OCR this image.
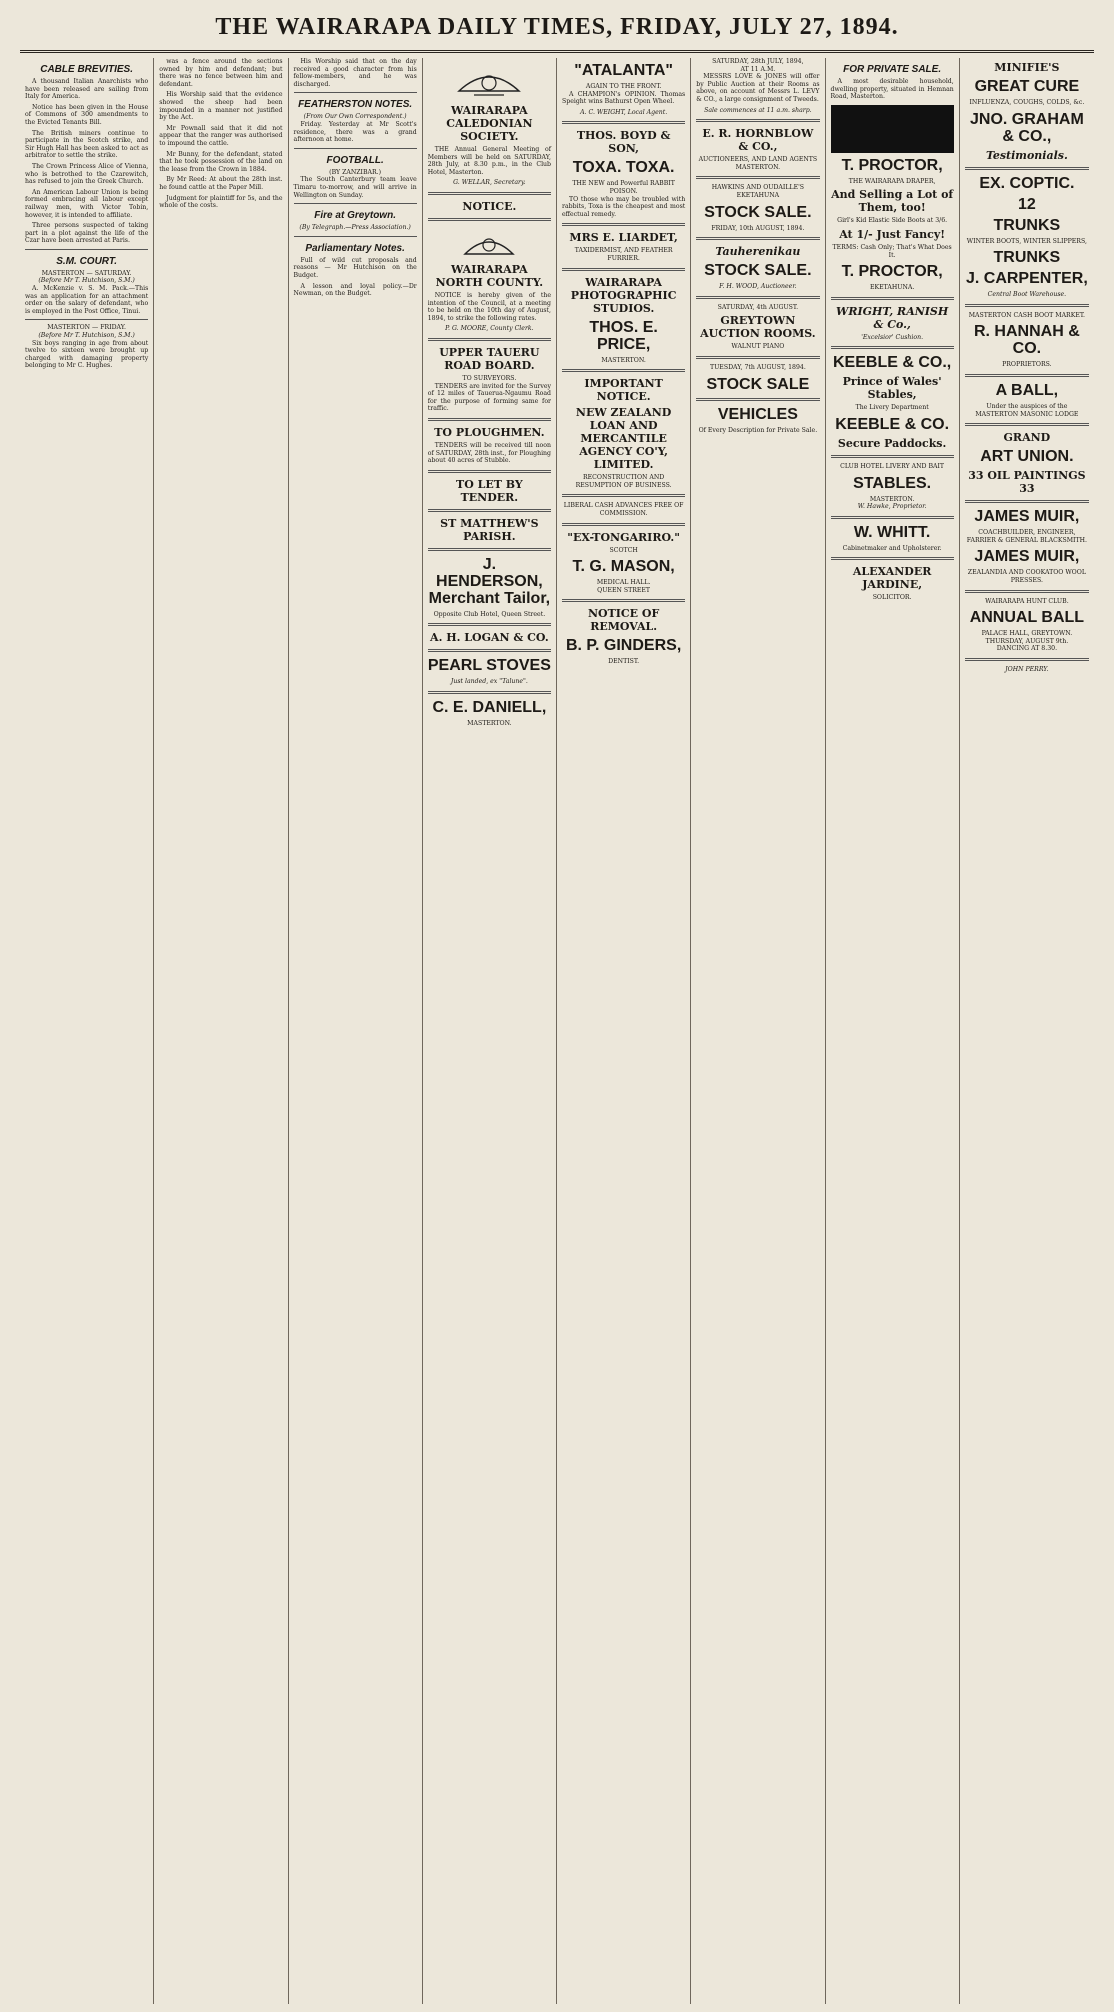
THE WAIRARAPA DAILY TIMES, FRIDAY, JULY 27, 1894.
CABLE BREVITIES.

A thousand Italian Anarchists who have been released are sailing from Italy for America.

Notice has been given in the House of Commons of 300 amendments to the Evicted Tenants Bill.

The British miners continue to participate in the Scotch strike, and Sir Hugh Hall has been asked to act as arbitrator to settle the strike.

The Crown Princess Alice of Vienna, who is betrothed to the Czarewitch, has refused to join the Greek Church.

An American Labour Union is being formed embracing all labour except railway men, with Victor Tobin, however, it is intended to affiliate.

Three persons suspected of taking part in a plot against the life of the Czar have been arrested at Paris.

S.M. COURT.
MASTERTON — SATURDAY.
(Before Mr T. Hutchison, S.M.)

A. McKenzie v. S. M. Pack.—This was an application for an attachment order on the salary of defendant, who is employed in the Post Office, Tinui.

MASTERTON — FRIDAY.
(Before Mr T. Hutchison, S.M.)

Six boys ranging in age from about twelve to sixteen were brought up charged with damaging property belonging to Mr C. Hughes.

was a fence around the sections owned by him and defendant; but there was no fence between him and defendant.

His Worship said that the evidence showed the sheep had been impounded in a manner not justified by the Act.

Mr Pownall said that it did not appear that the ranger was authorised to impound the cattle.

Mr Bunny, for the defendant, stated that he took possession of the land on the lease from the Crown in 1884.

By Mr Reed: At about the 28th inst. he found cattle at the Paper Mill.

Judgment for plaintiff for 5s, and the whole of the costs.

His Worship said that on the day received a good character from his fellow-members, and he was discharged.

FEATHERSTON NOTES.
(From Our Own Correspondent.)

Friday. Yesterday at Mr Scott's residence, there was a grand afternoon at home.

FOOTBALL.
(BY ZANZIBAR.)

The South Canterbury team leave Timaru to-morrow, and will arrive in Wellington on Sunday.

Fire at Greytown.
(By Telegraph.—Press Association.)
Parliamentary Notes.

Full of wild cut proposals and reasons — Mr Hutchison on the Budget.

A lesson and loyal policy.—Dr Newman, on the Budget.

WAIRARAPA CALEDONIAN SOCIETY.

THE Annual General Meeting of Members will be held on SATURDAY, 28th July, at 8.30 p.m., in the Club Hotel, Masterton.

G. WELLAR, Secretary.
NOTICE.
WAIRARAPA NORTH COUNTY.

NOTICE is hereby given of the intention of the Council, at a meeting to be held on the 10th day of August, 1894, to strike the following rates.

P. G. MOORE, County Clerk.
UPPER TAUERU ROAD BOARD.
TO SURVEYORS.

TENDERS are invited for the Survey of 12 miles of Tauerua-Ngaumu Road for the purpose of forming same for traffic.

TO PLOUGHMEN.

TENDERS will be received till noon of SATURDAY, 28th inst., for Ploughing about 40 acres of Stubble.

TO LET BY TENDER.
ST MATTHEW'S PARISH.
J. HENDERSON, Merchant Tailor,
Opposite Club Hotel, Queen Street.
A. H. LOGAN & CO.
PEARL STOVES
Just landed, ex "Talune".
C. E. DANIELL,
MASTERTON.
"ATALANTA"
AGAIN TO THE FRONT.

A CHAMPION's OPINION. Thomas Speight wins Bathurst Open Wheel.

A. C. WEIGHT, Local Agent.
THOS. BOYD & SON,
TOXA. TOXA.
THE NEW and Powerful RABBIT POISON.

TO those who may be troubled with rabbits, Toxa is the cheapest and most effectual remedy.

MRS E. LIARDET,
TAXIDERMIST, AND FEATHER FURRIER.
WAIRARAPA PHOTOGRAPHIC STUDIOS.
THOS. E. PRICE,
MASTERTON.
IMPORTANT NOTICE.
NEW ZEALAND LOAN AND MERCANTILE AGENCY CO'Y, LIMITED.
RECONSTRUCTION AND RESUMPTION OF BUSINESS.
LIBERAL CASH ADVANCES FREE OF COMMISSION.
"EX-TONGARIRO."
SCOTCH
T. G. MASON,
MEDICAL HALL.
QUEEN STREET
NOTICE OF REMOVAL.
B. P. GINDERS,
DENTIST.
SATURDAY, 28th JULY, 1894,
AT 11 A.M.

MESSRS LOVE & JONES will offer by Public Auction at their Rooms as above, on account of Messrs L. LEVY & CO., a large consignment of Tweeds.

Sale commences at 11 a.m. sharp.
E. R. HORNBLOW & CO.,
AUCTIONEERS, AND LAND AGENTS
MASTERTON.
HAWKINS AND OUDAILLE'S
EKETAHUNA
STOCK SALE.
FRIDAY, 10th AUGUST, 1894.
Tauherenikau
STOCK SALE.
F. H. WOOD, Auctioneer.
SATURDAY, 4th AUGUST.
GREYTOWN AUCTION ROOMS.
WALNUT PIANO
TUESDAY, 7th AUGUST, 1894.
STOCK SALE
VEHICLES
Of Every Description for Private Sale.
FOR PRIVATE SALE.

A most desirable household, dwelling property, situated in Hemnan Road, Masterton.

T. PROCTOR,
THE WAIRARAPA DRAPER,
And Selling a Lot of Them, too!
Girl's Kid Elastic Side Boots at 3/6.
At 1/- Just Fancy!
TERMS: Cash Only; That's What Does It.
T. PROCTOR,
EKETAHUNA.
WRIGHT, RANISH & Co.,
'Excelsior' Cushion.
KEEBLE & CO.,
Prince of Wales' Stables,
The Livery Department
KEEBLE & CO.
Secure Paddocks.
CLUB HOTEL LIVERY AND BAIT
STABLES.
MASTERTON.
W. Hawke, Proprietor.
W. WHITT.
Cabinetmaker and Upholsterer.
ALEXANDER JARDINE,
SOLICITOR.
MINIFIE'S
GREAT CURE
INFLUENZA, COUGHS, COLDS, &c.
JNO. GRAHAM & CO.,
Testimonials.
EX. COPTIC.
12
TRUNKS
WINTER BOOTS, WINTER SLIPPERS,
TRUNKS
J. CARPENTER,
Central Boot Warehouse.
MASTERTON CASH BOOT MARKET.
R. HANNAH & CO.
PROPRIETORS.
A BALL,
Under the auspices of the MASTERTON MASONIC LODGE
GRAND
ART UNION.
33 OIL PAINTINGS 33
JAMES MUIR,
COACHBUILDER, ENGINEER, FARRIER & GENERAL BLACKSMITH.
JAMES MUIR,
ZEALANDIA AND COOKATOO WOOL PRESSES.
WAIRARAPA HUNT CLUB.
ANNUAL BALL
PALACE HALL, GREYTOWN.
THURSDAY, AUGUST 9th.
DANCING AT 8.30.
JOHN PERRY.
